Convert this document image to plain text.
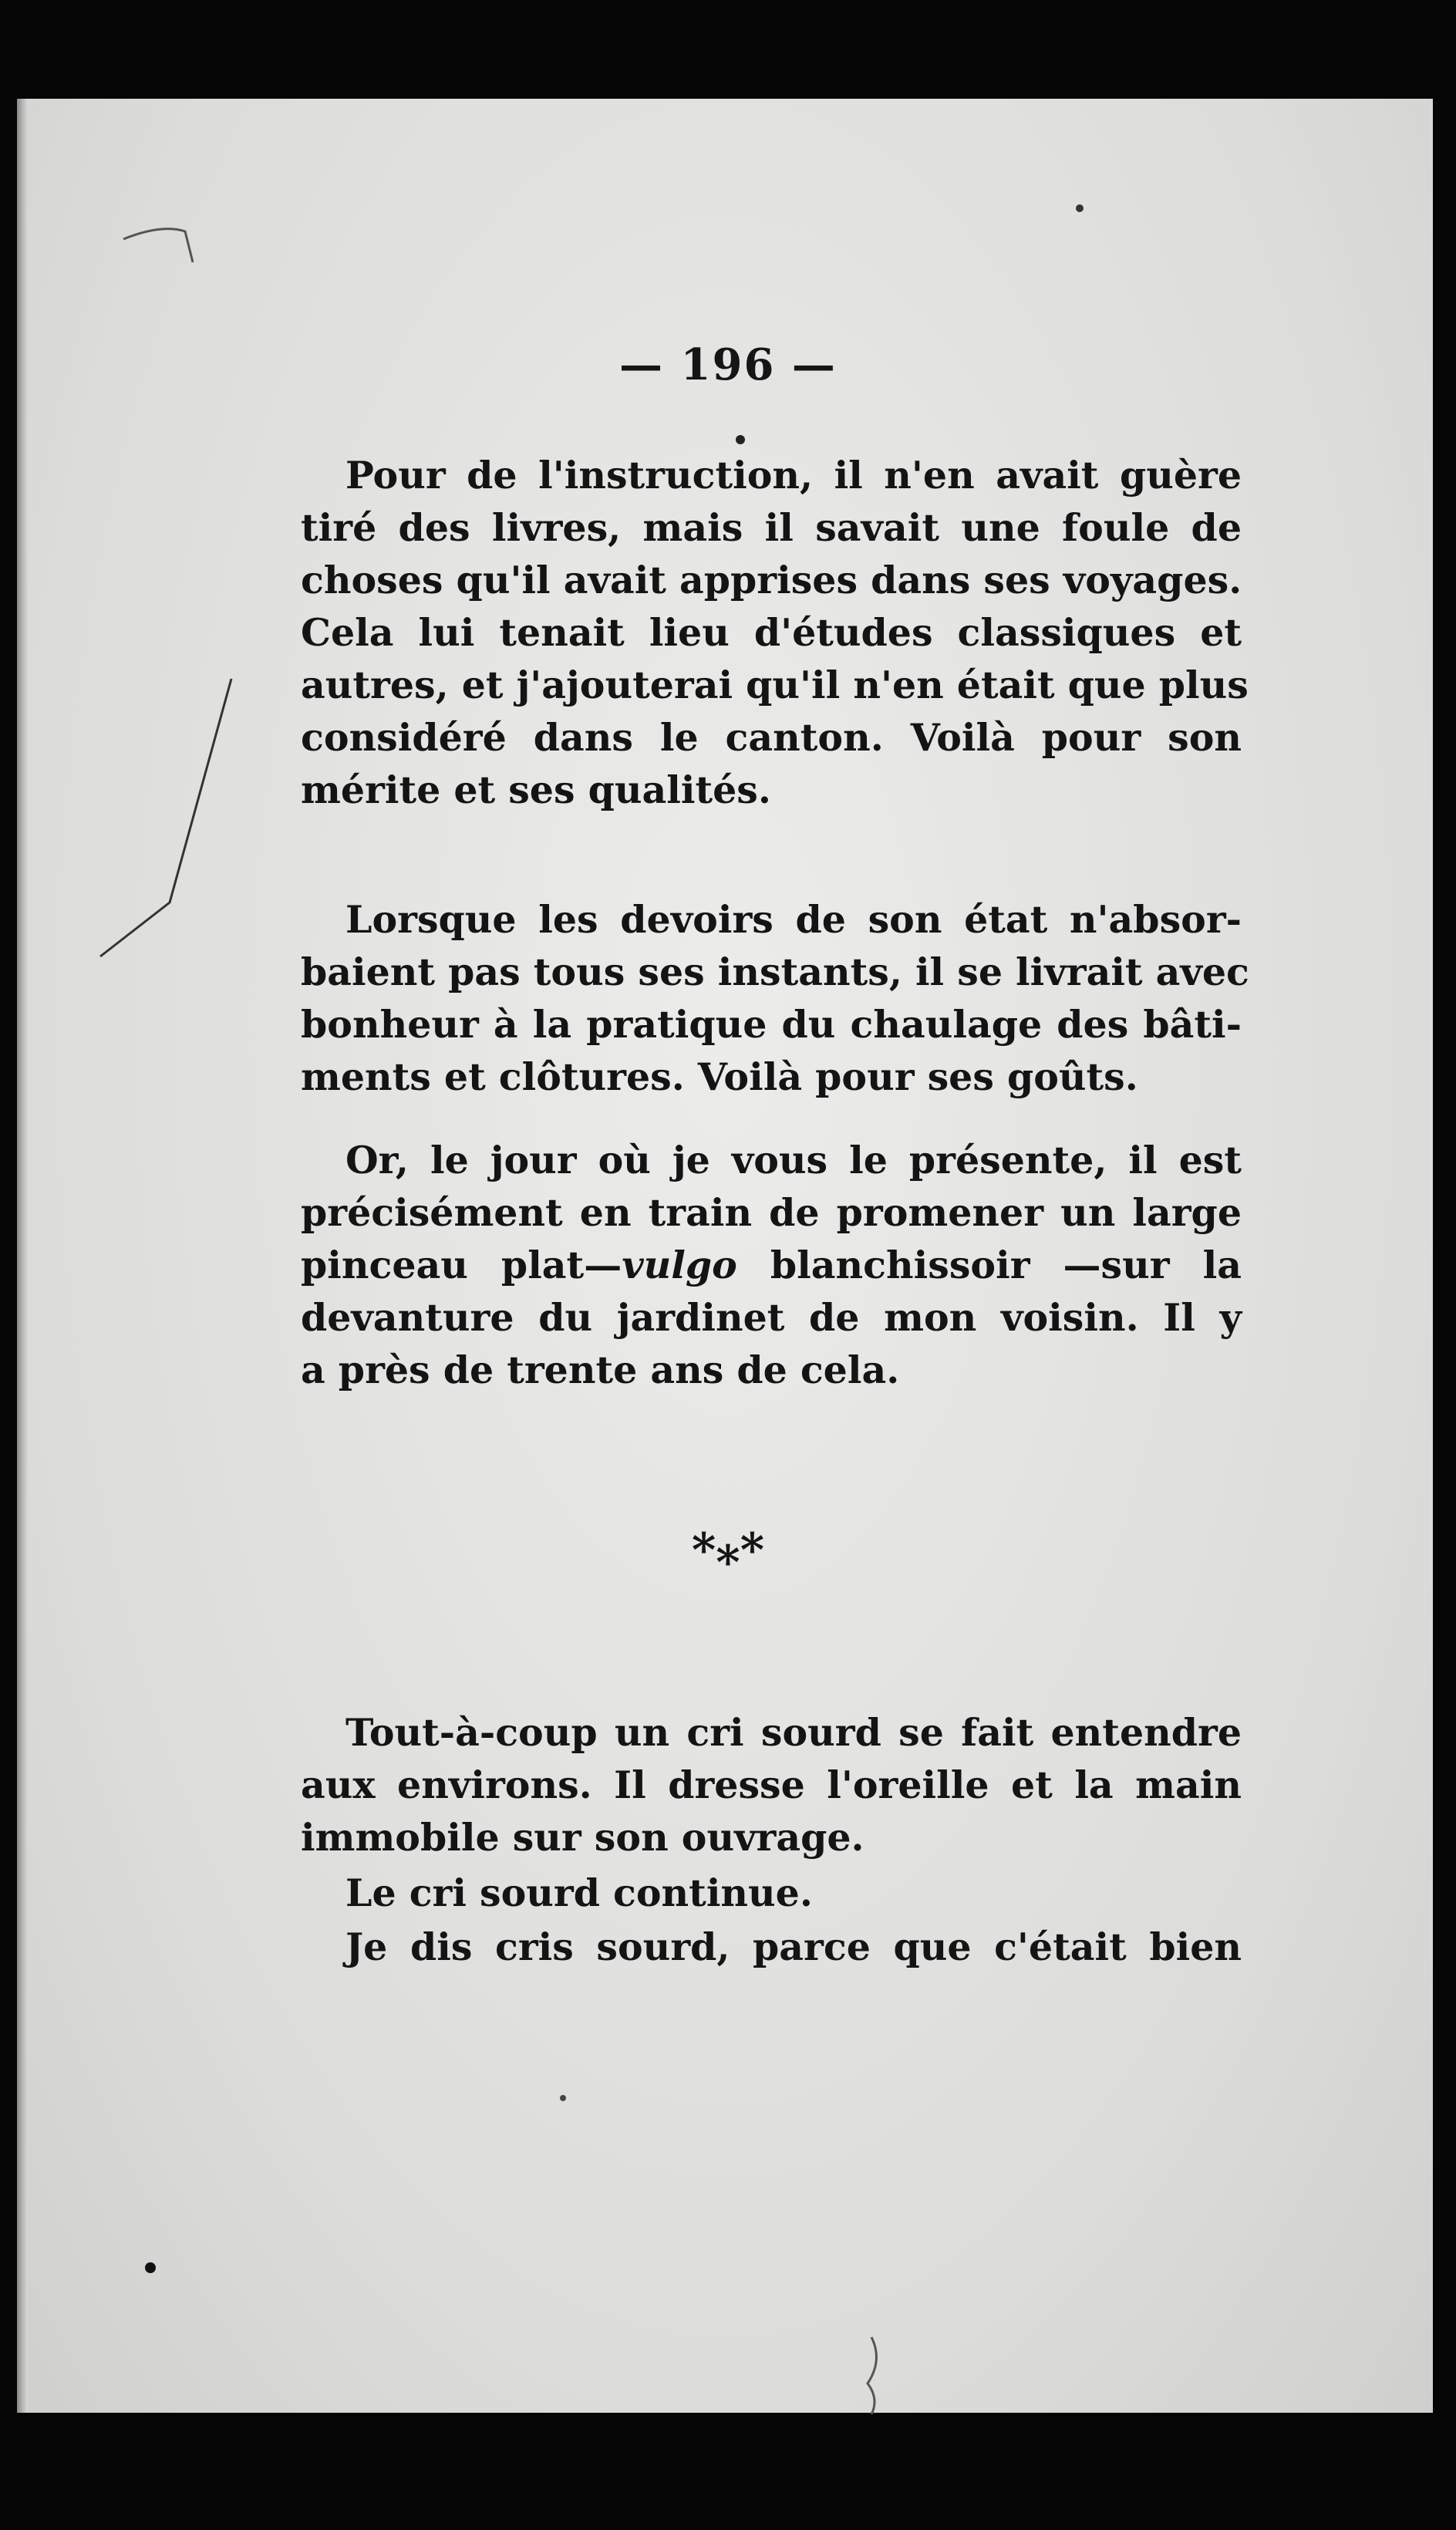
— 196 —
Pour de l'instruction, il n'en avait guère
tiré des livres, mais il savait une foule de
choses qu'il avait apprises dans ses voyages.
Cela lui tenait lieu d'études classiques et
autres, et j'ajouterai qu'il n'en était que plus
considéré dans le canton. Voilà pour son
mérite et ses qualités.
Lorsque les devoirs de son état n'absor-
baient pas tous ses instants, il se livrait avec
bonheur à la pratique du chaulage des bâti-
ments et clôtures. Voilà pour ses goûts.
Or, le jour où je vous le présente, il est
précisément en train de promener un large
pinceau plat—vulgo blanchissoir —sur la
devanture du jardinet de mon voisin. Il y
a près de trente ans de cela.
***
Tout-à-coup un cri sourd se fait entendre
aux environs. Il dresse l'oreille et la main
immobile sur son ouvrage.
Le cri sourd continue.
Je dis cris sourd, parce que c'était bien
